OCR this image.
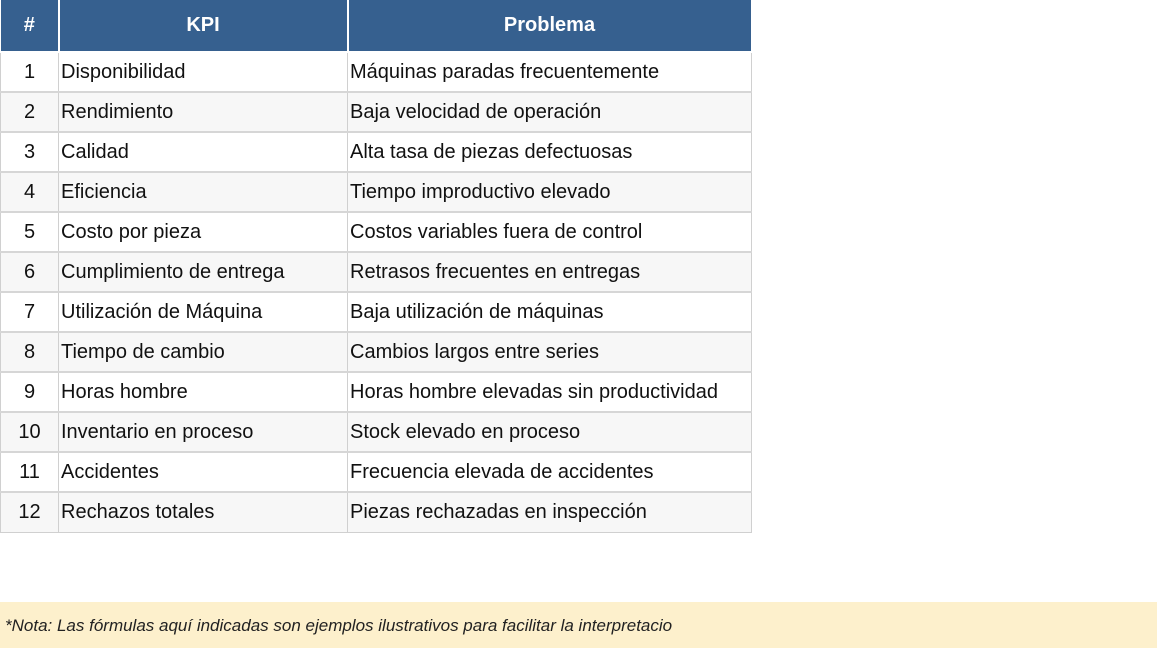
#	KPI	Problema
1	Disponibilidad	Máquinas paradas frecuentemente
2	Rendimiento	Baja velocidad de operación
3	Calidad	Alta tasa de piezas defectuosas
4	Eficiencia	Tiempo improductivo elevado
5	Costo por pieza	Costos variables fuera de control
6	Cumplimiento de entrega	Retrasos frecuentes en entregas
7	Utilización de Máquina	Baja utilización de máquinas
8	Tiempo de cambio	Cambios largos entre series
9	Horas hombre	Horas hombre elevadas sin productividad
10	Inventario en proceso	Stock elevado en proceso
11	Accidentes	Frecuencia elevada de accidentes
12	Rechazos totales	Piezas rechazadas en inspección
*Nota: Las fórmulas aquí indicadas son ejemplos ilustrativos para facilitar la interpretacio
